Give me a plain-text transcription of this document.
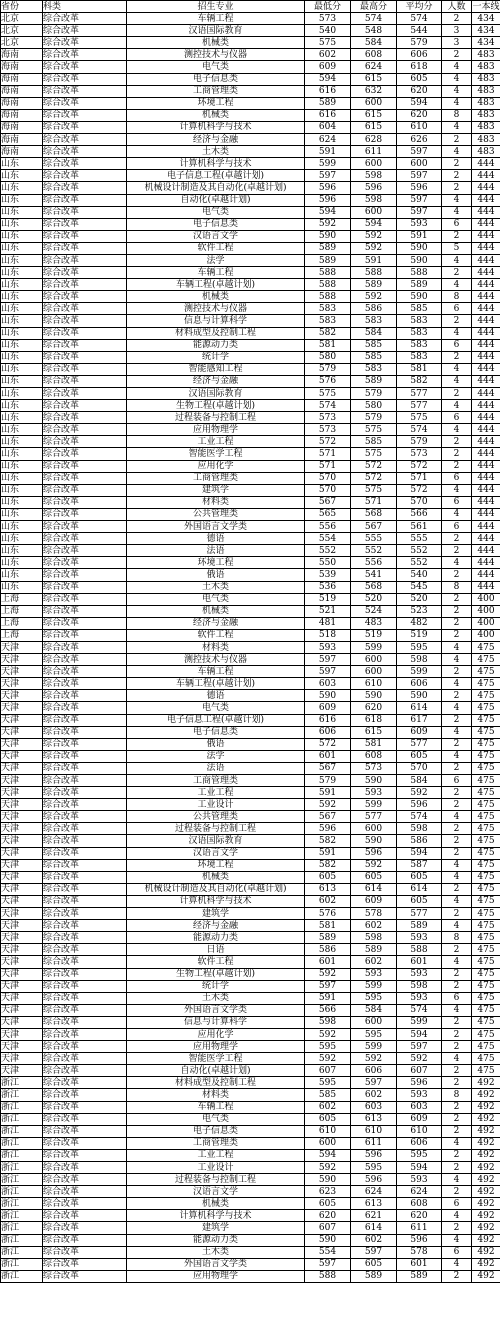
省份	科类	招生专业	最低分	最高分	平均分	人数	一本线
北京	综合改革	车辆工程	573	574	574	2	434
北京	综合改革	汉语国际教育	540	548	544	3	434
北京	综合改革	机械类	575	584	579	3	434
海南	综合改革	测控技术与仪器	602	608	606	2	483
海南	综合改革	电气类	609	624	618	4	483
海南	综合改革	电子信息类	594	615	605	4	483
海南	综合改革	工商管理类	616	632	620	4	483
海南	综合改革	环境工程	589	600	594	4	483
海南	综合改革	机械类	616	615	620	8	483
海南	综合改革	计算机科学与技术	604	615	610	4	483
海南	综合改革	经济与金融	624	628	626	2	483
海南	综合改革	土木类	591	611	597	4	483
山东	综合改革	计算机科学与技术	599	600	600	2	444
山东	综合改革	电子信息工程(卓越计划)	597	598	597	2	444
山东	综合改革	机械设计制造及其自动化(卓越计划)	596	596	596	2	444
山东	综合改革	自动化(卓越计划)	596	598	597	4	444
山东	综合改革	电气类	594	600	597	4	444
山东	综合改革	电子信息类	592	594	593	6	444
山东	综合改革	汉语言文学	590	592	591	2	444
山东	综合改革	软件工程	589	592	590	5	444
山东	综合改革	法学	589	591	590	4	444
山东	综合改革	车辆工程	588	588	588	2	444
山东	综合改革	车辆工程(卓越计划)	588	589	589	4	444
山东	综合改革	机械类	588	592	590	8	444
山东	综合改革	测控技术与仪器	583	586	585	6	444
山东	综合改革	信息与计算科学	583	583	583	2	444
山东	综合改革	材料成型及控制工程	582	584	583	4	444
山东	综合改革	能源动力类	581	585	583	6	444
山东	综合改革	统计学	580	585	583	2	444
山东	综合改革	智能感知工程	579	583	581	4	444
山东	综合改革	经济与金融	576	589	582	4	444
山东	综合改革	汉语国际教育	575	579	577	2	444
山东	综合改革	生物工程(卓越计划)	574	580	577	4	444
山东	综合改革	过程装备与控制工程	573	579	575	6	444
山东	综合改革	应用物理学	573	575	574	4	444
山东	综合改革	工业工程	572	585	579	2	444
山东	综合改革	智能医学工程	571	575	573	2	444
山东	综合改革	应用化学	571	572	572	2	444
山东	综合改革	工商管理类	570	572	571	6	444
山东	综合改革	建筑学	570	575	572	4	444
山东	综合改革	材料类	567	571	570	6	444
山东	综合改革	公共管理类	565	568	566	4	444
山东	综合改革	外国语言文学类	556	567	561	6	444
山东	综合改革	德语	554	555	555	2	444
山东	综合改革	法语	552	552	552	2	444
山东	综合改革	环境工程	550	556	552	4	444
山东	综合改革	俄语	539	541	540	2	444
山东	综合改革	土木类	536	568	545	8	444
上海	综合改革	电气类	519	520	520	2	400
上海	综合改革	机械类	521	524	523	2	400
上海	综合改革	经济与金融	481	483	482	2	400
上海	综合改革	软件工程	518	519	519	2	400
天津	综合改革	材料类	593	599	595	4	475
天津	综合改革	测控技术与仪器	597	600	598	4	475
天津	综合改革	车辆工程	597	600	599	2	475
天津	综合改革	车辆工程(卓越计划)	603	610	606	4	475
天津	综合改革	德语	590	590	590	2	475
天津	综合改革	电气类	609	620	614	4	475
天津	综合改革	电子信息工程(卓越计划)	616	618	617	2	475
天津	综合改革	电子信息类	606	615	609	4	475
天津	综合改革	俄语	572	581	577	2	475
天津	综合改革	法学	601	608	605	4	475
天津	综合改革	法语	567	573	570	2	475
天津	综合改革	工商管理类	579	590	584	6	475
天津	综合改革	工业工程	591	593	592	2	475
天津	综合改革	工业设计	592	599	596	2	475
天津	综合改革	公共管理类	567	577	574	4	475
天津	综合改革	过程装备与控制工程	596	600	598	2	475
天津	综合改革	汉语国际教育	582	590	586	2	475
天津	综合改革	汉语言文学	591	596	594	2	475
天津	综合改革	环境工程	582	592	587	4	475
天津	综合改革	机械类	605	605	605	4	475
天津	综合改革	机械设计制造及其自动化(卓越计划)	613	614	614	2	475
天津	综合改革	计算机科学与技术	602	609	605	4	475
天津	综合改革	建筑学	576	578	577	2	475
天津	综合改革	经济与金融	581	602	589	4	475
天津	综合改革	能源动力类	589	598	593	8	475
天津	综合改革	日语	586	589	588	2	475
天津	综合改革	软件工程	601	602	601	4	475
天津	综合改革	生物工程(卓越计划)	592	593	593	2	475
天津	综合改革	统计学	597	599	598	2	475
天津	综合改革	土木类	591	595	593	6	475
天津	综合改革	外国语言文学类	566	584	574	4	475
天津	综合改革	信息与计算科学	598	600	599	2	475
天津	综合改革	应用化学	592	595	594	2	475
天津	综合改革	应用物理学	595	599	597	2	475
天津	综合改革	智能医学工程	592	592	592	4	475
天津	综合改革	自动化(卓越计划)	607	606	607	2	475
浙江	综合改革	材料成型及控制工程	595	597	596	2	492
浙江	综合改革	材料类	585	602	593	8	492
浙江	综合改革	车辆工程	602	603	603	2	492
浙江	综合改革	电气类	605	613	609	2	492
浙江	综合改革	电子信息类	610	610	610	2	492
浙江	综合改革	工商管理类	600	611	606	4	492
浙江	综合改革	工业工程	594	596	595	2	492
浙江	综合改革	工业设计	592	595	594	2	492
浙江	综合改革	过程装备与控制工程	590	596	593	4	492
浙江	综合改革	汉语言文学	623	624	624	2	492
浙江	综合改革	机械类	605	613	608	6	492
浙江	综合改革	计算机科学与技术	620	621	620	4	492
浙江	综合改革	建筑学	607	614	611	2	492
浙江	综合改革	能源动力类	590	602	596	4	492
浙江	综合改革	土木类	554	597	578	6	492
浙江	综合改革	外国语言文学类	597	605	601	4	492
浙江	综合改革	应用物理学	588	589	589	2	492
